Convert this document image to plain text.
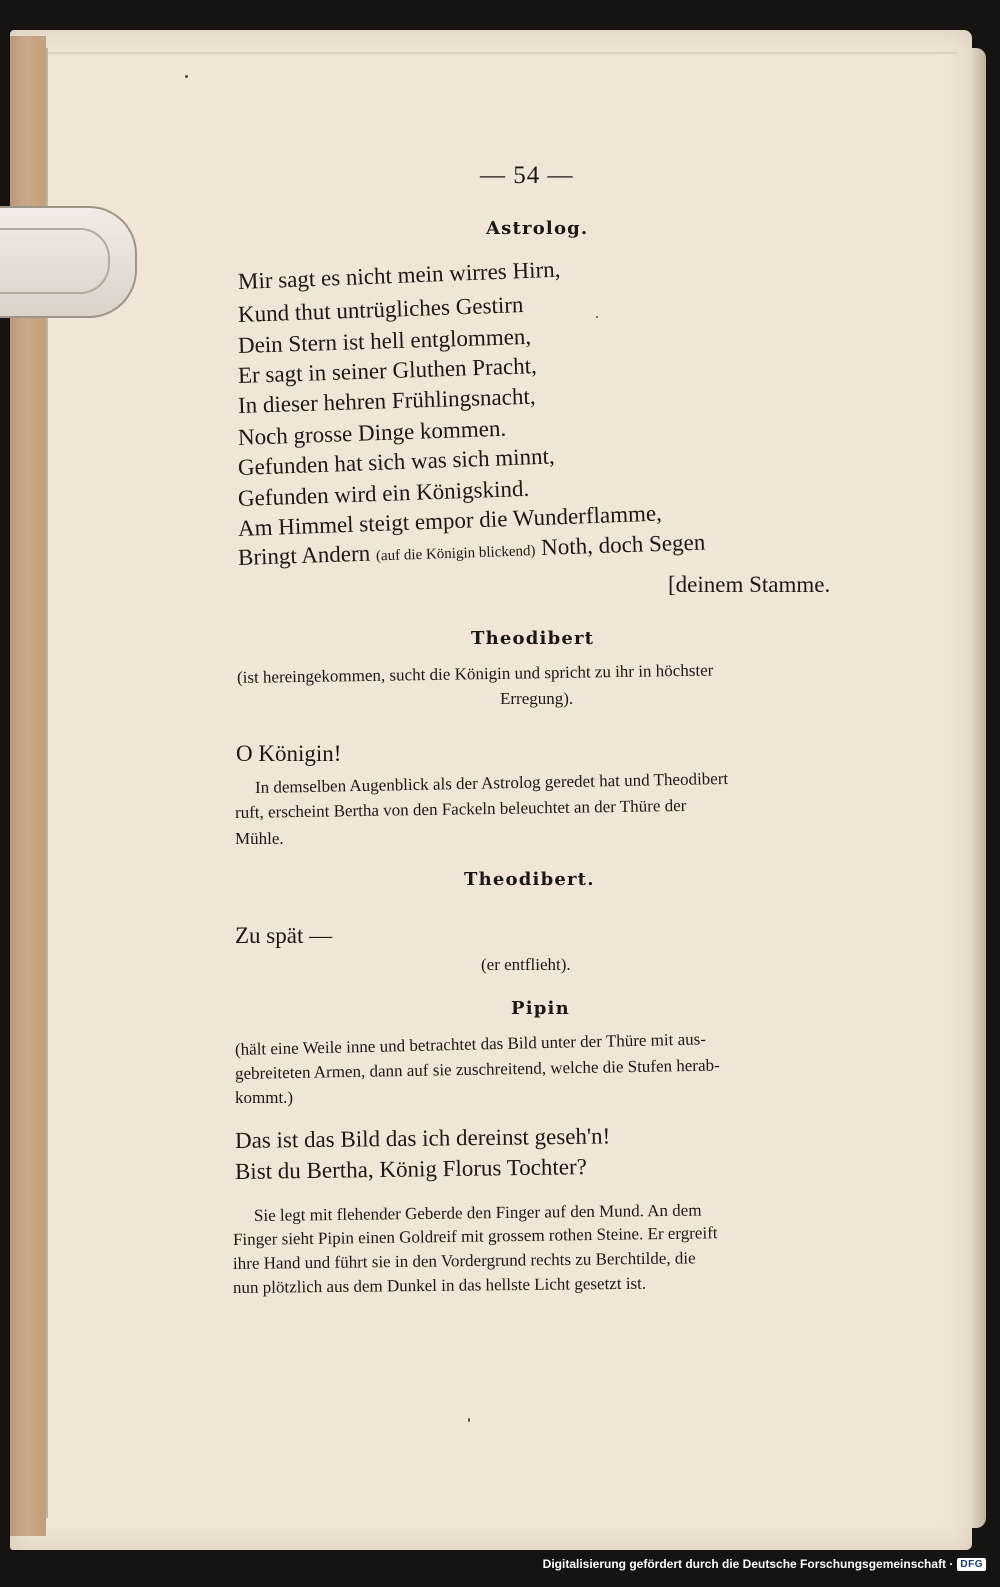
— 54 —
Astrolog.
Mir sagt es nicht mein wirres Hirn,
Kund thut untrügliches Gestirn
Dein Stern ist hell entglommen,
Er sagt in seiner Gluthen Pracht,
In dieser hehren Frühlingsnacht,
Noch grosse Dinge kommen.
Gefunden hat sich was sich minnt,
Gefunden wird ein Königskind.
Am Himmel steigt empor die Wunderflamme,
Bringt Andern (auf die Königin blickend) Noth, doch Segen
[deinem Stamme.
Theodibert
(ist hereingekommen, sucht die Königin und spricht zu ihr in höchster
Erregung).
O Königin!
In demselben Augenblick als der Astrolog geredet hat und Theodibert
ruft, erscheint Bertha von den Fackeln beleuchtet an der Thüre der
Mühle.
Theodibert.
Zu spät —
(er entflieht).
Pipin
(hält eine Weile inne und betrachtet das Bild unter der Thüre mit aus-
gebreiteten Armen, dann auf sie zuschreitend, welche die Stufen herab-
kommt.)
Das ist das Bild das ich dereinst geseh'n!
Bist du Bertha, König Florus Tochter?
Sie legt mit flehender Geberde den Finger auf den Mund. An dem
Finger sieht Pipin einen Goldreif mit grossem rothen Steine. Er ergreift
ihre Hand und führt sie in den Vordergrund rechts zu Berchtilde, die
nun plötzlich aus dem Dunkel in das hellste Licht gesetzt ist.
Digitalisierung gefördert durch die Deutsche Forschungsgemeinschaft · DFG
